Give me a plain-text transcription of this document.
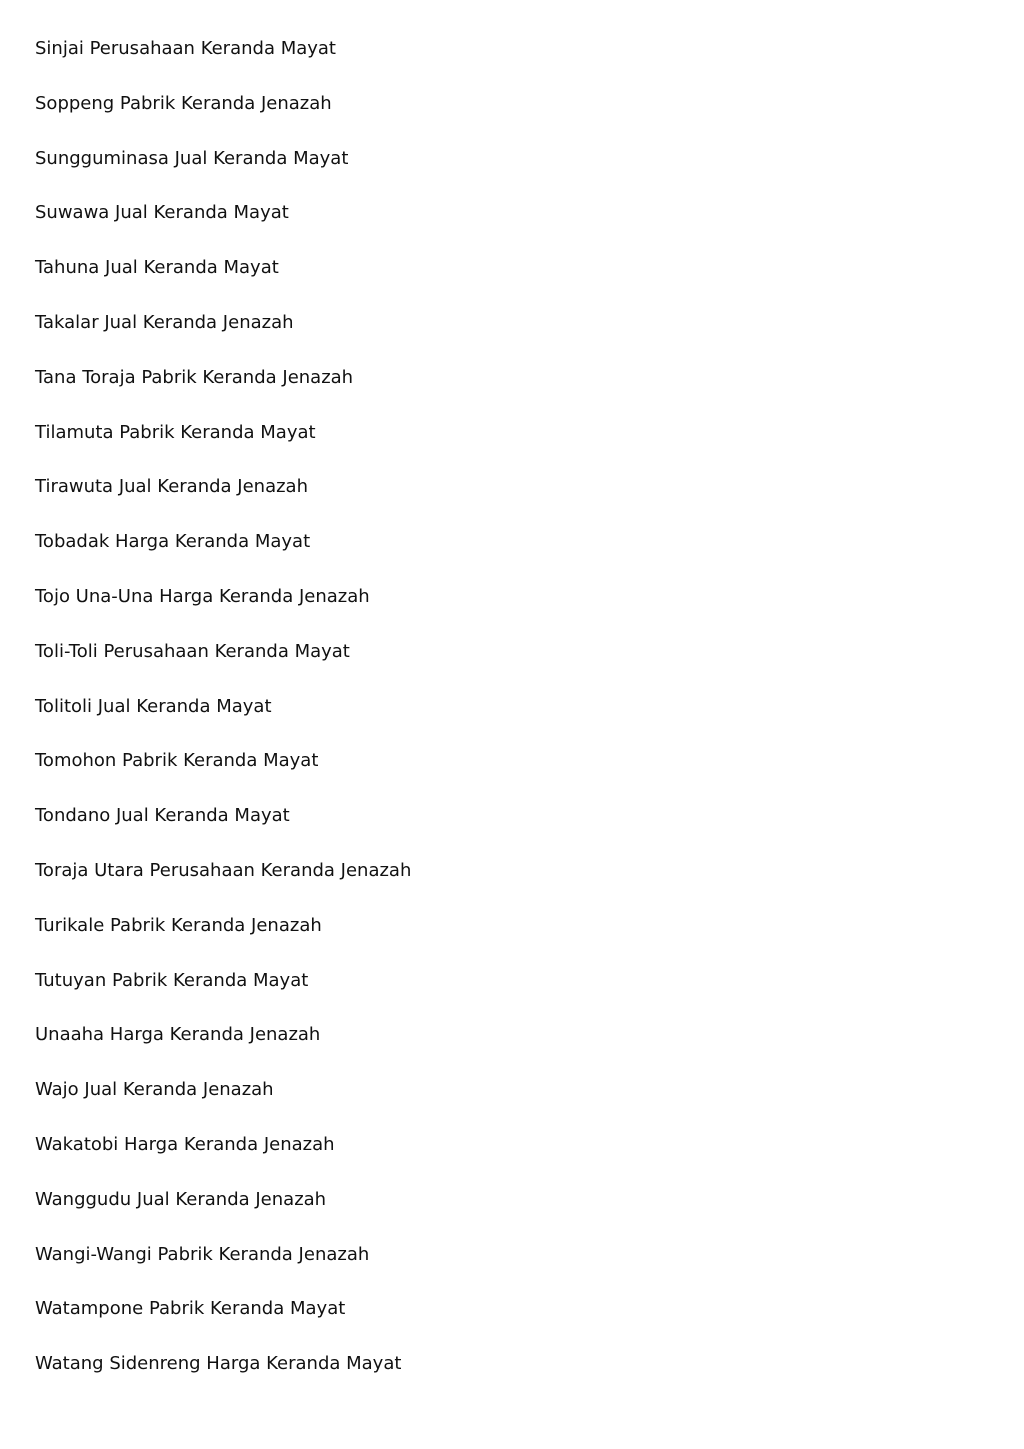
Sinjai Perusahaan Keranda Mayat
Soppeng Pabrik Keranda Jenazah
Sungguminasa Jual Keranda Mayat
Suwawa Jual Keranda Mayat
Tahuna Jual Keranda Mayat
Takalar Jual Keranda Jenazah
Tana Toraja Pabrik Keranda Jenazah
Tilamuta Pabrik Keranda Mayat
Tirawuta Jual Keranda Jenazah
Tobadak Harga Keranda Mayat
Tojo Una-Una Harga Keranda Jenazah
Toli-Toli Perusahaan Keranda Mayat
Tolitoli Jual Keranda Mayat
Tomohon Pabrik Keranda Mayat
Tondano Jual Keranda Mayat
Toraja Utara Perusahaan Keranda Jenazah
Turikale Pabrik Keranda Jenazah
Tutuyan Pabrik Keranda Mayat
Unaaha Harga Keranda Jenazah
Wajo Jual Keranda Jenazah
Wakatobi Harga Keranda Jenazah
Wanggudu Jual Keranda Jenazah
Wangi-Wangi Pabrik Keranda Jenazah
Watampone Pabrik Keranda Mayat
Watang Sidenreng Harga Keranda Mayat
